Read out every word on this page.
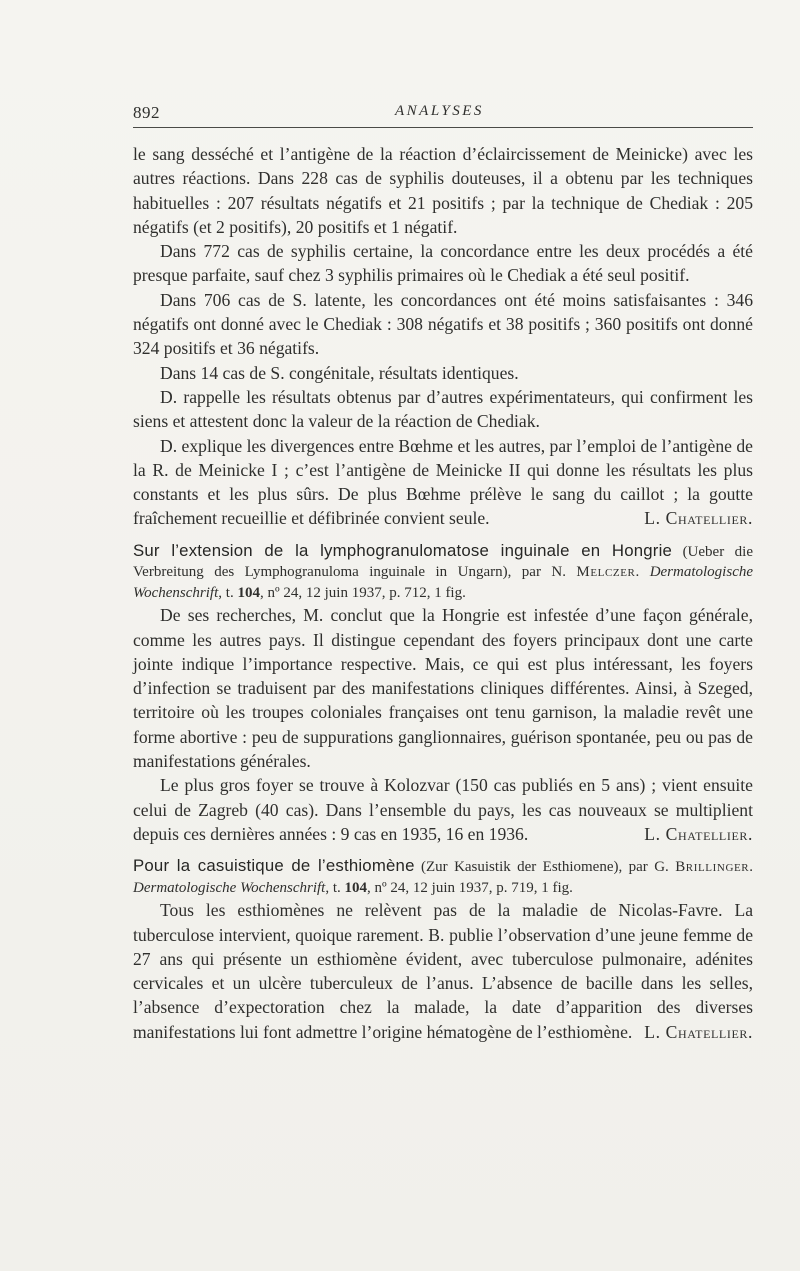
892	ANALYSES

le sang desséché et l’antigène de la réaction d’éclaircissement de Meinicke) avec les autres réactions. Dans 228 cas de syphilis douteuses, il a obtenu par les techniques habituelles : 207 résultats négatifs et 21 positifs ; par la technique de Chediak : 205 négatifs (et 2 positifs), 20 positifs et 1 négatif.

Dans 772 cas de syphilis certaine, la concordance entre les deux procédés a été presque parfaite, sauf chez 3 syphilis primaires où le Chediak a été seul positif.

Dans 706 cas de S. latente, les concordances ont été moins satisfaisantes : 346 négatifs ont donné avec le Chediak : 308 négatifs et 38 positifs ; 360 positifs ont donné 324 positifs et 36 négatifs.

Dans 14 cas de S. congénitale, résultats identiques.

D. rappelle les résultats obtenus par d’autres expérimentateurs, qui confirment les siens et attestent donc la valeur de la réaction de Chediak.

D. explique les divergences entre Bœhme et les autres, par l’emploi de l’antigène de la R. de Meinicke I ; c’est l’antigène de Meinicke II qui donne les résultats les plus constants et les plus sûrs. De plus Bœhme prélève le sang du caillot ; la goutte fraîchement recueillie et défibrinée convient seule.	L. Chatellier.
Sur l’extension de la lymphogranulomatose inguinale en Hongrie (Ueber die Verbreitung des Lymphogranuloma inguinale in Ungarn), par N. Melczer. Dermatologische Wochenschrift, t. 104, nº 24, 12 juin 1937, p. 712, 1 fig.

De ses recherches, M. conclut que la Hongrie est infestée d’une façon générale, comme les autres pays. Il distingue cependant des foyers principaux dont une carte jointe indique l’importance respective. Mais, ce qui est plus intéressant, les foyers d’infection se traduisent par des manifestations cliniques différentes. Ainsi, à Szeged, territoire où les troupes coloniales françaises ont tenu garnison, la maladie revêt une forme abortive : peu de suppurations ganglionnaires, guérison spontanée, peu ou pas de manifestations générales.

Le plus gros foyer se trouve à Kolozvar (150 cas publiés en 5 ans) ; vient ensuite celui de Zagreb (40 cas). Dans l’ensemble du pays, les cas nouveaux se multiplient depuis ces dernières années : 9 cas en 1935, 16 en 1936.	L. Chatellier.
Pour la casuistique de l’esthiomène (Zur Kasuistik der Esthiomene), par G. Brillinger. Dermatologische Wochenschrift, t. 104, nº 24, 12 juin 1937, p. 719, 1 fig.

Tous les esthiomènes ne relèvent pas de la maladie de Nicolas-Favre. La tuberculose intervient, quoique rarement. B. publie l’observation d’une jeune femme de 27 ans qui présente un esthiomène évident, avec tuberculose pulmonaire, adénites cervicales et un ulcère tuberculeux de l’anus. L’absence de bacille dans les selles, l’absence d’expectoration chez la malade, la date d’apparition des diverses manifestations lui font admettre l’origine hématogène de l’esthiomène. L. Chatellier.
